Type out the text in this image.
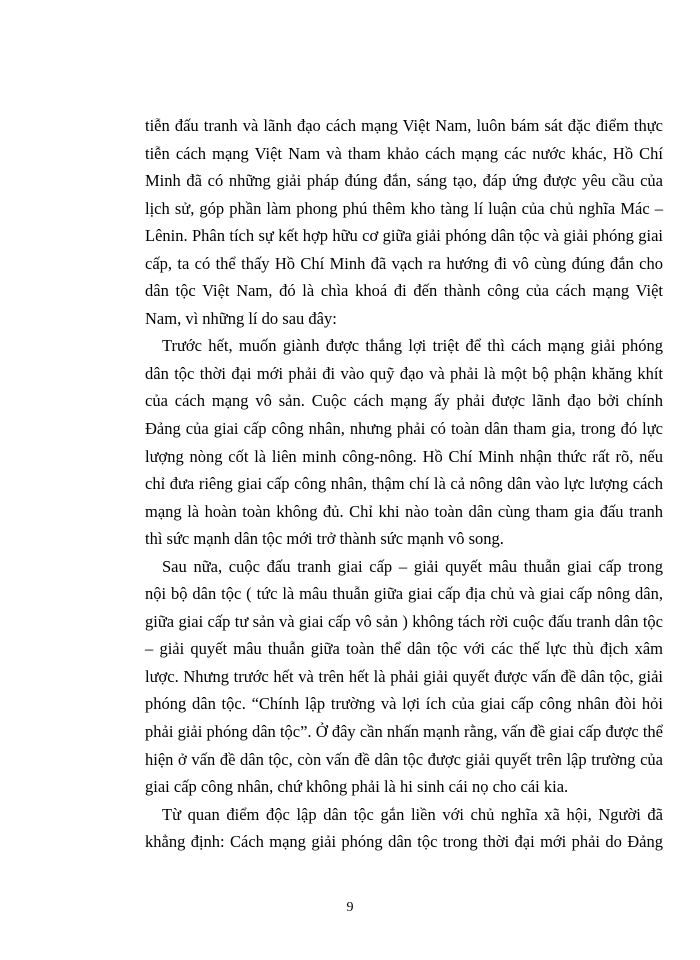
tiễn đấu tranh và lãnh đạo cách mạng Việt Nam, luôn bám sát đặc điểm thực
tiễn cách mạng Việt Nam và tham khảo cách mạng các nước khác, Hồ Chí
Minh đã có những giải pháp đúng đắn, sáng tạo, đáp ứng được yêu cầu của
lịch sử, góp phần làm phong phú thêm kho tàng lí luận của chủ nghĩa Mác –
Lênin. Phân tích sự kết hợp hữu cơ giữa giải phóng dân tộc và giải phóng giai
cấp, ta có thể thấy Hồ Chí Minh đã vạch ra hướng đi vô cùng đúng đắn cho
dân tộc Việt Nam, đó là chìa khoá đi đến thành công của cách mạng Việt
Nam, vì những lí do sau đây:
Trước hết, muốn giành được thắng lợi triệt để thì cách mạng giải phóng
dân tộc thời đại mới phải đi vào quỹ đạo và phải là một bộ phận khăng khít
của cách mạng vô sản. Cuộc cách mạng ấy phải được lãnh đạo bởi chính
Đảng của giai cấp công nhân, nhưng phải có toàn dân tham gia, trong đó lực
lượng nòng cốt là liên minh công-nông. Hồ Chí Minh nhận thức rất rõ, nếu
chỉ đưa riêng giai cấp công nhân, thậm chí là cả nông dân vào lực lượng cách
mạng là hoàn toàn không đủ. Chỉ khi nào toàn dân cùng tham gia đấu tranh
thì sức mạnh dân tộc mới trở thành sức mạnh vô song.
Sau nữa, cuộc đấu tranh giai cấp – giải quyết mâu thuẫn giai cấp trong
nội bộ dân tộc ( tức là mâu thuẫn giữa giai cấp địa chủ và giai cấp nông dân,
giữa giai cấp tư sản và giai cấp vô sản ) không tách rời cuộc đấu tranh dân tộc
– giải quyết mâu thuẫn giữa toàn thể dân tộc với các thế lực thù địch xâm
lược. Nhưng trước hết và trên hết là phải giải quyết được vấn đề dân tộc, giải
phóng dân tộc. “Chính lập trường và lợi ích của giai cấp công nhân đòi hỏi
phải giải phóng dân tộc”. Ở đây cần nhấn mạnh rằng, vấn đề giai cấp được thể
hiện ở vấn đề dân tộc, còn vấn đề dân tộc được giải quyết trên lập trường của
giai cấp công nhân, chứ không phải là hi sinh cái nọ cho cái kia.
Từ quan điểm độc lập dân tộc gắn liền với chủ nghĩa xã hội, Người đã
khẳng định: Cách mạng giải phóng dân tộc trong thời đại mới phải do Đảng
9
